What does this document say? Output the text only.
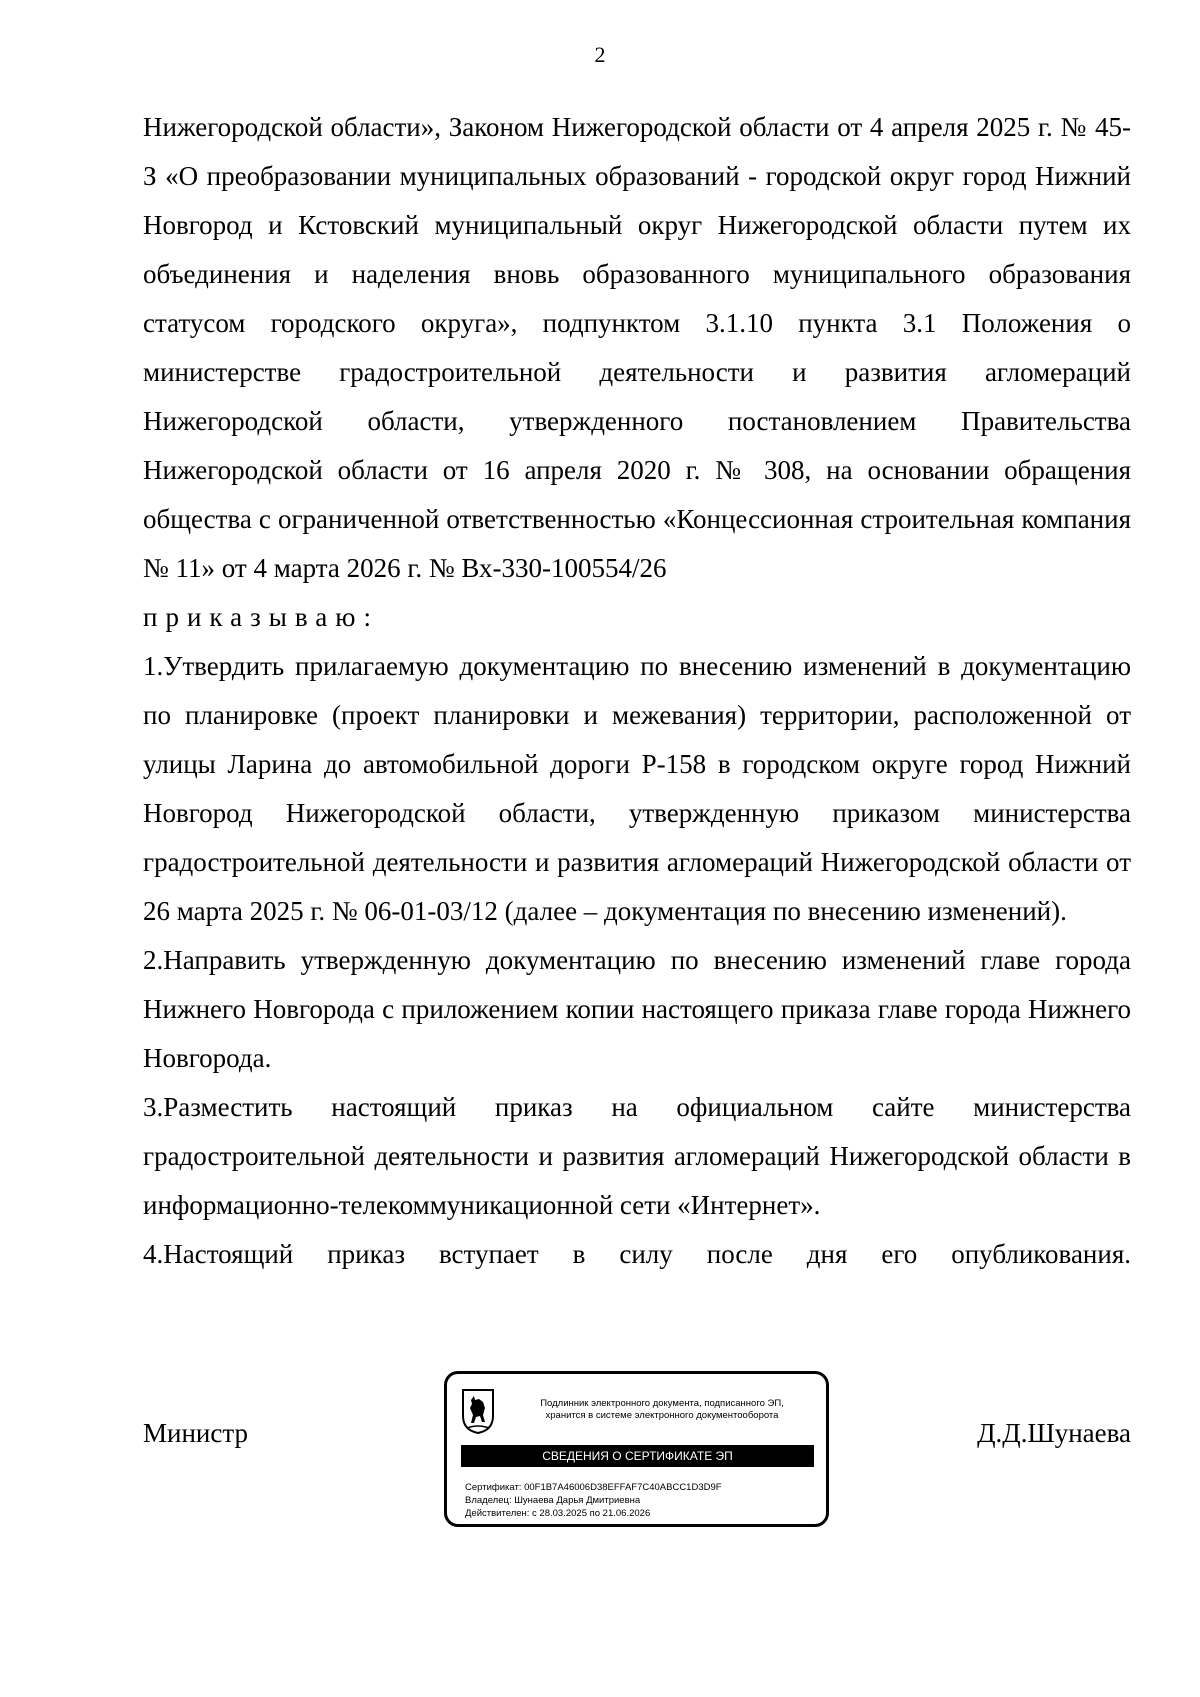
2

Нижегородской области», Законом Нижегородской области от 4 апреля 2025 г. № 45-З «О преобразовании муниципальных образований - городской округ город Нижний Новгород и Кстовский муниципальный округ Нижегородской области путем их объединения и наделения вновь образованного муниципального образования статусом городского округа», подпунктом 3.1.10 пункта 3.1 Положения о министерстве градостроительной деятельности и развития агломераций Нижегородской области, утвержденного постановлением Правительства Нижегородской области от 16 апреля 2020 г. № 308, на основании обращения общества с ограниченной ответственностью «Концессионная строительная компания № 11» от 4 марта 2026 г. № Вх-330-100554/26

приказываю:

1.Утвердить прилагаемую документацию по внесению изменений в документацию по планировке (проект планировки и межевания) территории, расположенной от улицы Ларина до автомобильной дороги Р-158 в городском округе город Нижний Новгород Нижегородской области, утвержденную приказом министерства градостроительной деятельности и развития агломераций Нижегородской области от 26 марта 2025 г. № 06-01-03/12 (далее – документация по внесению изменений).

2.Направить утвержденную документацию по внесению изменений главе города Нижнего Новгорода с приложением копии настоящего приказа главе города Нижнего Новгорода.

3.Разместить настоящий приказ на официальном сайте министерства градостроительной деятельности и развития агломераций Нижегородской области в информационно-телекоммуникационной сети «Интернет».

4.Настоящий приказ вступает в силу после дня его опубликования.

Министр	Д.Д.Шунаева
Подлинник электронного документа, подписанного ЭП,
хранится в системе электронного документооборота
СВЕДЕНИЯ О СЕРТИФИКАТЕ ЭП
Сертификат: 00F1B7A46006D38EFFAF7C40ABCC1D3D9F
Владелец: Шунаева Дарья Дмитриевна
Действителен: с 28.03.2025 по 21.06.2026
